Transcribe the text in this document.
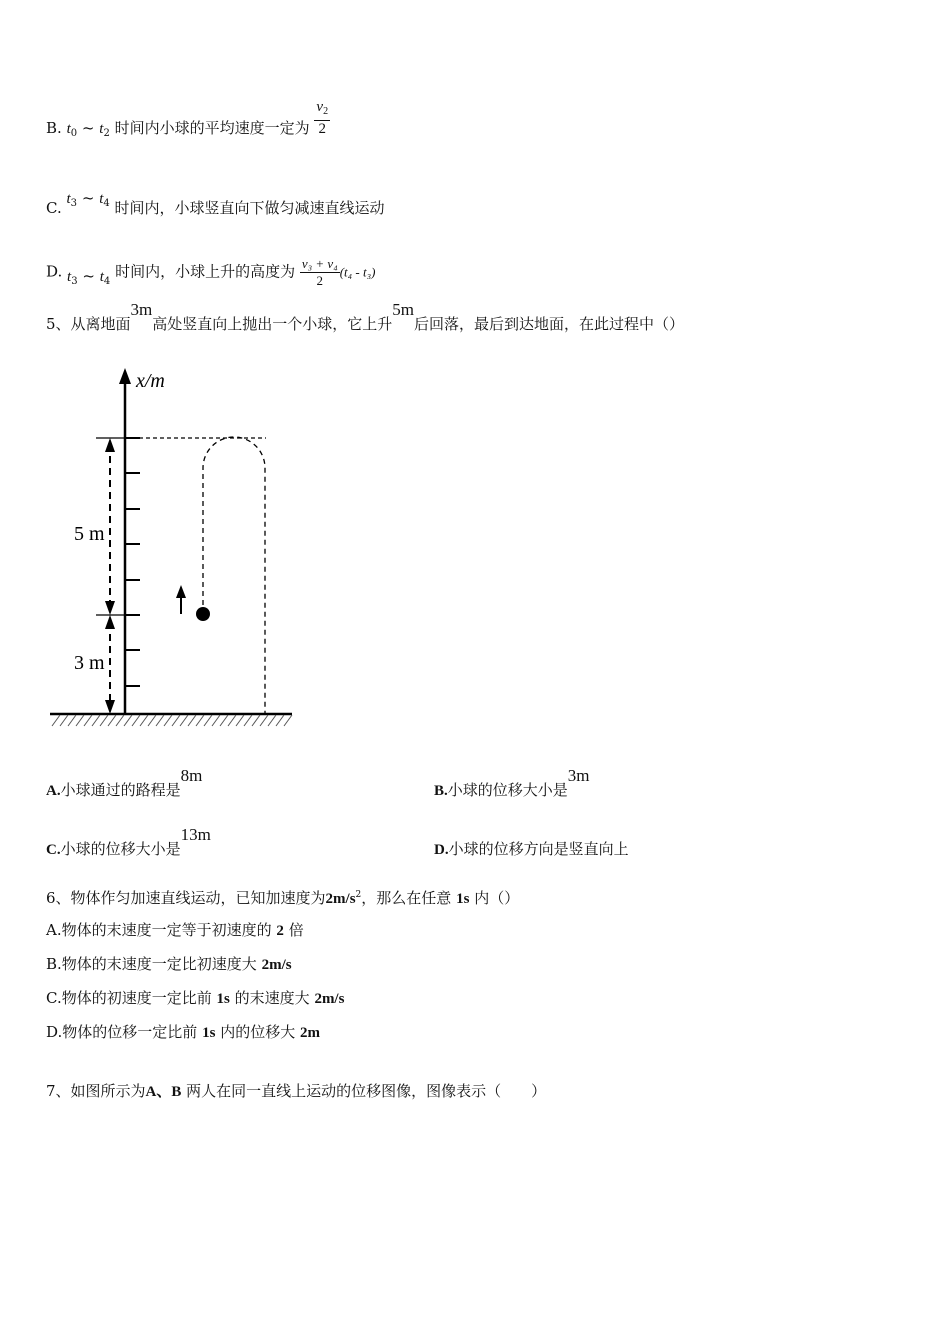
B. $t_0$ ~ $t_2$ 时间内小球的平均速度一定为 $\frac{v_2}{2}$
C. $t_3$ ~ $t_4$ 时间内，小球竖直向下做匀减速直线运动
D. $t_3$ ~ $t_4$ 时间内，小球上升的高度为 $\frac{\text{v₃ + v₄}}{2} (t_4 - t_3)$
5、从离地面3m高处竖直向上抛出一个小球，它上升5m后回落，最后到达地面，在此过程中（）
x/m
5 m
3 m
A.小球通过的路程是8m
B.小球的位移大小是3m
C.小球的位移大小是13m
D.小球的位移方向是竖直向上
6、物体作匀加速直线运动，已知加速度为$2m/s^2$，那么在任意 1s 内（）
A.物体的末速度一定等于初速度的 2 倍
B.物体的末速度一定比初速度大 2m/s
C.物体的初速度一定比前 1s 的末速度大 2m/s
D.物体的位移一定比前 1s 内的位移大 2m
7、如图所示为A、B 两人在同一直线上运动的位移图像，图像表示（　　）
